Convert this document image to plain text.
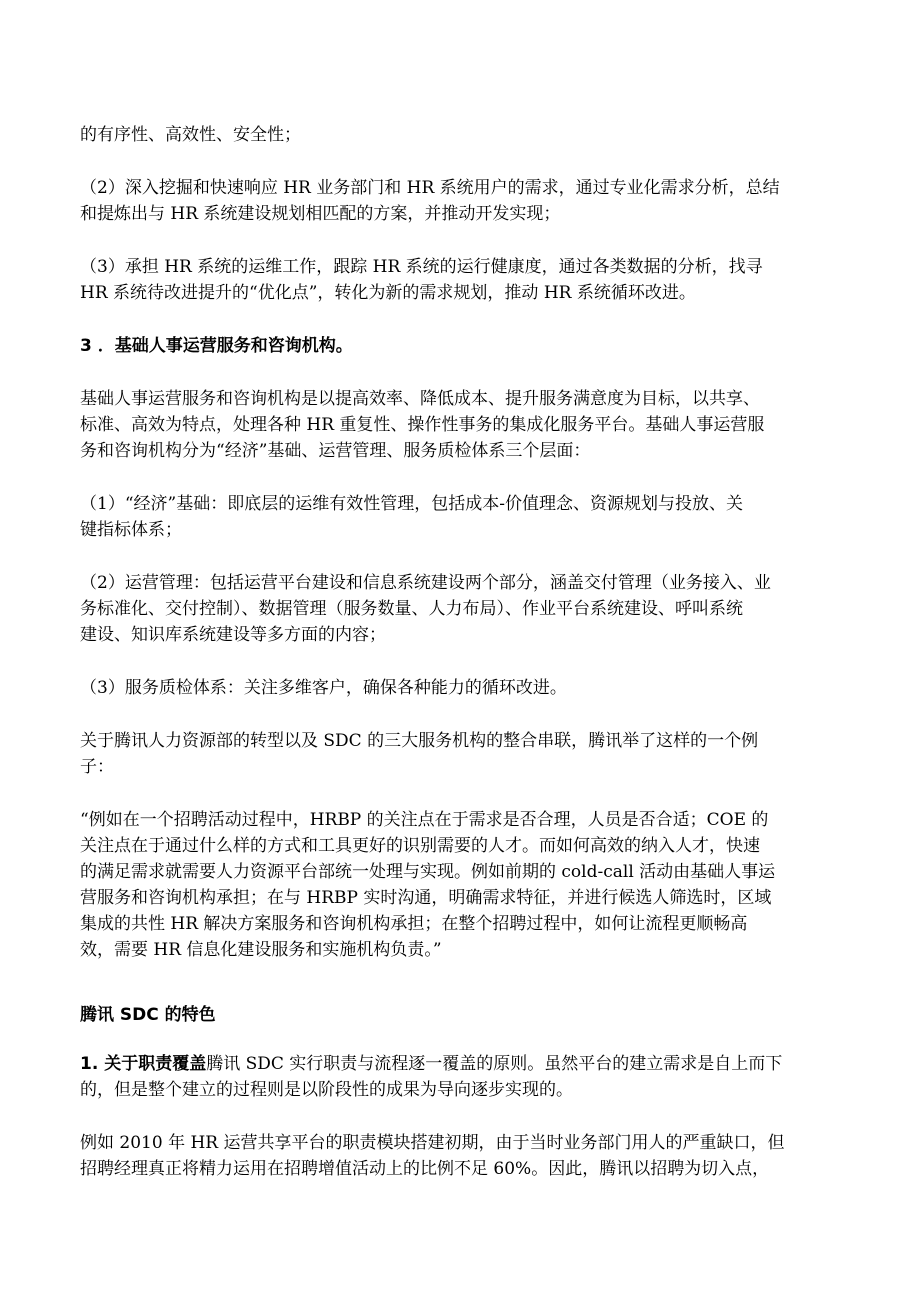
的有序性、高效性、安全性；

（2）深入挖掘和快速响应 HR 业务部门和 HR 系统用户的需求，通过专业化需求分析，总结

和提炼出与 HR 系统建设规划相匹配的方案，并推动开发实现；

（3）承担 HR 系统的运维工作，跟踪 HR 系统的运行健康度，通过各类数据的分析，找寻

HR 系统待改进提升的“优化点”，转化为新的需求规划，推动 HR 系统循环改进。

3 ．基础人事运营服务和咨询机构。

基础人事运营服务和咨询机构是以提高效率、降低成本、提升服务满意度为目标，以共享、

标准、高效为特点，处理各种 HR 重复性、操作性事务的集成化服务平台。基础人事运营服

务和咨询机构分为“经济”基础、运营管理、服务质检体系三个层面：

（1）“经济”基础：即底层的运维有效性管理，包括成本-价值理念、资源规划与投放、关

键指标体系；

（2）运营管理：包括运营平台建设和信息系统建设两个部分，涵盖交付管理（业务接入、业

务标准化、交付控制）、数据管理（服务数量、人力布局）、作业平台系统建设、呼叫系统

建设、知识库系统建设等多方面的内容；

（3）服务质检体系：关注多维客户，确保各种能力的循环改进。

关于腾讯人力资源部的转型以及 SDC 的三大服务机构的整合串联，腾讯举了这样的一个例

子：

“例如在一个招聘活动过程中，HRBP 的关注点在于需求是否合理，人员是否合适；COE 的

关注点在于通过什么样的方式和工具更好的识别需要的人才。而如何高效的纳入人才，快速

的满足需求就需要人力资源平台部统一处理与实现。例如前期的 cold-call 活动由基础人事运

营服务和咨询机构承担；在与 HRBP 实时沟通，明确需求特征，并进行候选人筛选时，区域

集成的共性 HR 解决方案服务和咨询机构承担；在整个招聘过程中，如何让流程更顺畅高

效，需要 HR 信息化建设服务和实施机构负责。”

腾讯 SDC 的特色

1. 关于职责覆盖腾讯 SDC 实行职责与流程逐一覆盖的原则。虽然平台的建立需求是自上而下

的，但是整个建立的过程则是以阶段性的成果为导向逐步实现的。

例如 2010 年 HR 运营共享平台的职责模块搭建初期，由于当时业务部门用人的严重缺口，但

招聘经理真正将精力运用在招聘增值活动上的比例不足 60%。因此，腾讯以招聘为切入点，
